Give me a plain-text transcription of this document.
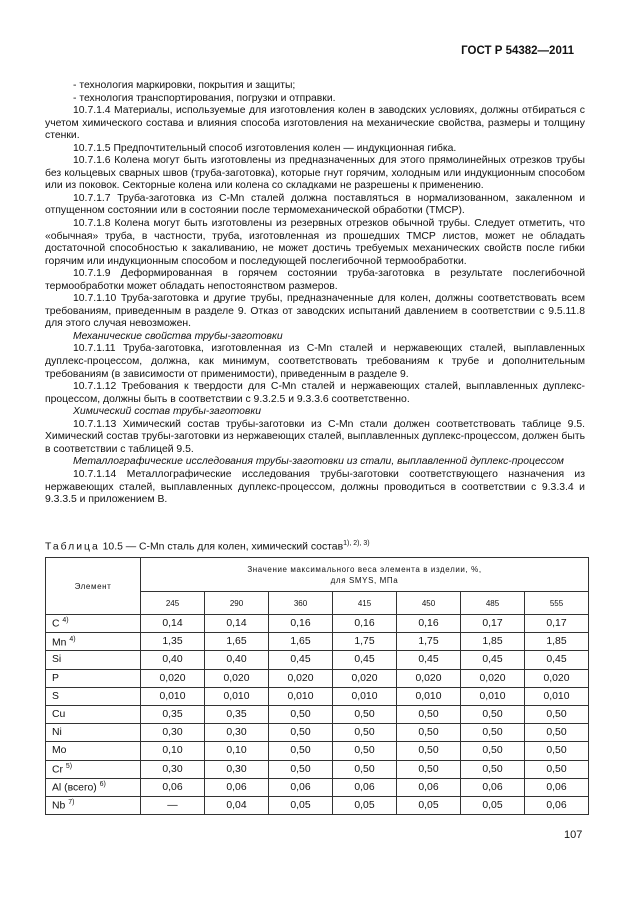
ГОСТ Р 54382—2011

- технология маркировки, покрытия и защиты;

- технология транспортирования, погрузки и отправки.

10.7.1.4 Материалы, используемые для изготовления колен в заводских условиях, должны отбираться с учетом химического состава и влияния способа изготовления на механические свойства, размеры и толщину стенки.

10.7.1.5 Предпочтительный способ изготовления колен — индукционная гибка.

10.7.1.6 Колена могут быть изготовлены из предназначенных для этого прямолинейных отрезков трубы без кольцевых сварных швов (труба-заготовка), которые гнут горячим, холодным или индукционным способом или из поковок. Секторные колена или колена со складками не разрешены к применению.

10.7.1.7 Труба-заготовка из C-Mn сталей должна поставляться в нормализованном, закаленном и отпущенном состоянии или в состоянии после термомеханической обработки (ТМСР).

10.7.1.8 Колена могут быть изготовлены из резервных отрезков обычной трубы. Следует отметить, что «обычная» труба, в частности, труба, изготовленная из прошедших ТМСР листов, может не обладать достаточной способностью к закаливанию, не может достичь требуемых механических свойств после гибки горячим или индукционным способом и последующей послегибочной термообработки.

10.7.1.9 Деформированная в горячем состоянии труба-заготовка в результате послегибочной термообработки может обладать непостоянством размеров.

10.7.1.10 Труба-заготовка и другие трубы, предназначенные для колен, должны соответствовать всем требованиям, приведенным в разделе 9. Отказ от заводских испытаний давлением в соответствии с 9.5.11.8 для этого случая невозможен.

Механические свойства трубы-заготовки

10.7.1.11 Труба-заготовка, изготовленная из C-Mn сталей и нержавеющих сталей, выплавленных дуплекс-процессом, должна, как минимум, соответствовать требованиям к трубе и дополнительным требованиям (в зависимости от применимости), приведенным в разделе 9.

10.7.1.12 Требования к твердости для C-Mn сталей и нержавеющих сталей, выплавленных дуплекс-процессом, должны быть в соответствии с 9.3.2.5 и 9.3.3.6 соответственно.

Химический состав трубы-заготовки

10.7.1.13 Химический состав трубы-заготовки из C-Mn стали должен соответствовать таблице 9.5. Химический состав трубы-заготовки из нержавеющих сталей, выплавленных дуплекс-процессом, должен быть в соответствии с таблицей 9.5.

Металлографические исследования трубы-заготовки из стали, выплавленной дуплекс-процессом

10.7.1.14 Металлографические исследования трубы-заготовки соответствующего назначения из нержавеющих сталей, выплавленных дуплекс-процессом, должны проводиться в соответствии с 9.3.3.4 и 9.3.3.5 и приложением В.

Таблица 10.5 — C-Mn сталь для колен, химический состав$^{1), 2), 3)}$
Элемент	Значение максимального веса элемента в изделии, %,
для SMYS, МПа						
	245	290	360	415	450	485	555
C $^{4)}$	0,14	0,14	0,16	0,16	0,16	0,17	0,17
Mn $^{4)}$	1,35	1,65	1,65	1,75	1,75	1,85	1,85
Si	0,40	0,40	0,45	0,45	0,45	0,45	0,45
P	0,020	0,020	0,020	0,020	0,020	0,020	0,020
S	0,010	0,010	0,010	0,010	0,010	0,010	0,010
Cu	0,35	0,35	0,50	0,50	0,50	0,50	0,50
Ni	0,30	0,30	0,50	0,50	0,50	0,50	0,50
Mo	0,10	0,10	0,50	0,50	0,50	0,50	0,50
Cr $^{5)}$	0,30	0,30	0,50	0,50	0,50	0,50	0,50
Al (всего) $^{6)}$	0,06	0,06	0,06	0,06	0,06	0,06	0,06
Nb $^{7)}$	—	0,04	0,05	0,05	0,05	0,05	0,06
107
